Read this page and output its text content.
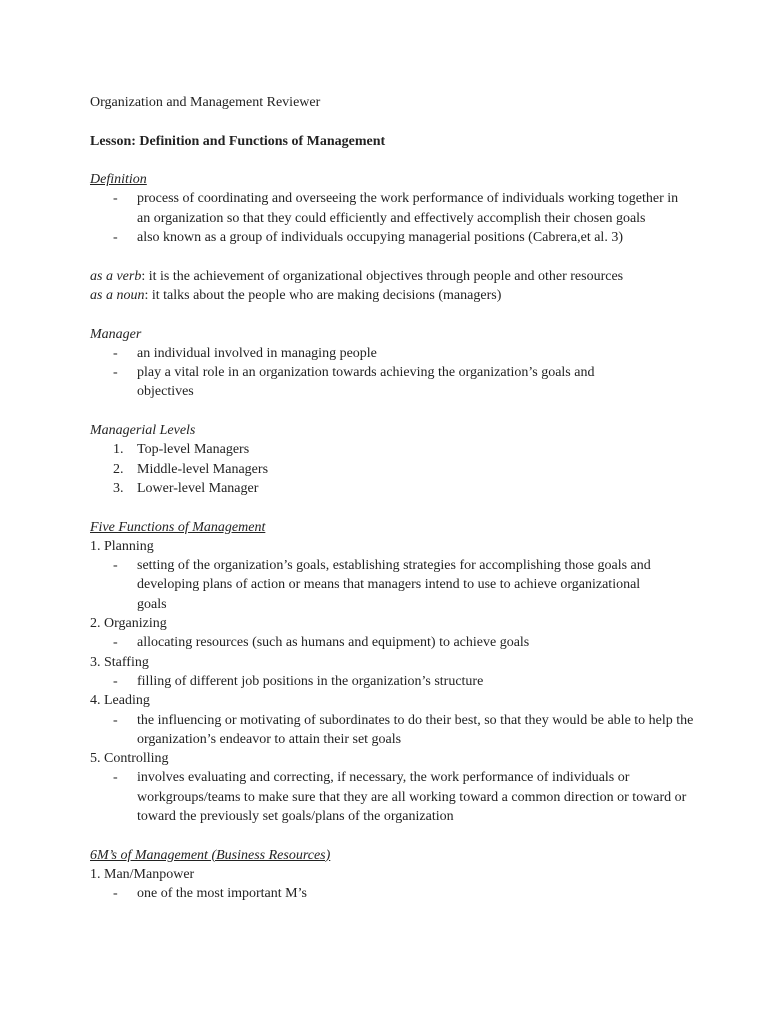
Organization and Management Reviewer

Lesson: Definition and Functions of Management

Definition

- process of coordinating and overseeing the work performance of individuals working together in an organization so that they could efficiently and effectively accomplish their chosen goals
- also known as a group of individuals occupying managerial positions (Cabrera,et al. 3)

as a verb: it is the achievement of organizational objectives through people and other resources

as a noun: it talks about the people who are making decisions (managers)

Manager

- an individual involved in managing people
- play a vital role in an organization towards achieving the organization’s goals and objectives

Managerial Levels

1. Top-level Managers
2. Middle-level Managers
3. Lower-level Manager

Five Functions of Management

1. Planning

- setting of the organization’s goals, establishing strategies for accomplishing those goals and developing plans of action or means that managers intend to use to achieve organizational goals

2. Organizing

- allocating resources (such as humans and equipment) to achieve goals

3. Staffing

- filling of different job positions in the organization’s structure

4. Leading

- the influencing or motivating of subordinates to do their best, so that they would be able to help the organization’s endeavor to attain their set goals

5. Controlling

- involves evaluating and correcting, if necessary, the work performance of individuals or workgroups/teams to make sure that they are all working toward a common direction or toward or toward the previously set goals/plans of the organization

6M’s of Management (Business Resources)

1. Man/Manpower

- one of the most important M’s
